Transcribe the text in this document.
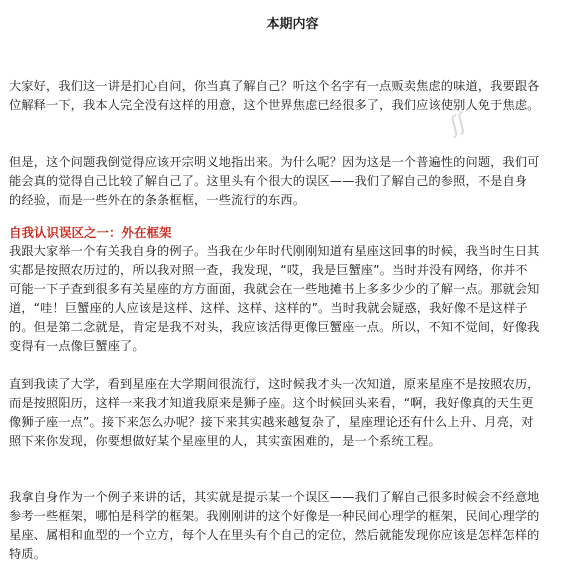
本期内容

大家好，我们这一讲是扪心自问，你当真了解自己？听这个名字有一点贩卖焦虑的味道，我要跟各
位解释一下，我本人完全没有这样的用意，这个世界焦虑已经很多了，我们应该使别人免于焦虑。

ʃʃ

但是，这个问题我倒觉得应该开宗明义地指出来。为什么呢？因为这是一个普遍性的问题，我们可
能会真的觉得自己比较了解自己了。这里头有个很大的误区——我们了解自己的参照，不是自身
的经验，而是一些外在的条条框框，一些流行的东西。

自我认识误区之一：外在框架

我跟大家举一个有关我自身的例子。当我在少年时代刚刚知道有星座这回事的时候，我当时生日其
实都是按照农历过的，所以我对照一查，我发现，“哎，我是巨蟹座”。当时并没有网络，你并不
可能一下子查到很多有关星座的方方面面，我就会在一些地摊书上多多少少的了解一点。那就会知
道，“哇！巨蟹座的人应该是这样、这样、这样、这样的”。当时我就会疑惑，我好像不是这样子
的。但是第二念就是，肯定是我不对头，我应该活得更像巨蟹座一点。所以，不知不觉间，好像我
变得有一点像巨蟹座了。

直到我读了大学，看到星座在大学期间很流行，这时候我才头一次知道，原来星座不是按照农历，
而是按照阳历，这样一来我才知道我原来是狮子座。这个时候回头来看，“啊，我好像真的天生更
像狮子座一点”。接下来怎么办呢？接下来其实越来越复杂了，星座理论还有什么上升、月亮，对
照下来你发现，你要想做好某个星座里的人，其实蛮困难的，是一个系统工程。

我拿自身作为一个例子来讲的话，其实就是提示某一个误区——我们了解自己很多时候会不经意地
参考一些框架，哪怕是科学的框架。我刚刚讲的这个好像是一种民间心理学的框架，民间心理学的
星座、属相和血型的一个立方，每个人在里头有个自己的定位，然后就能发现你应该是怎样怎样的
特质。
